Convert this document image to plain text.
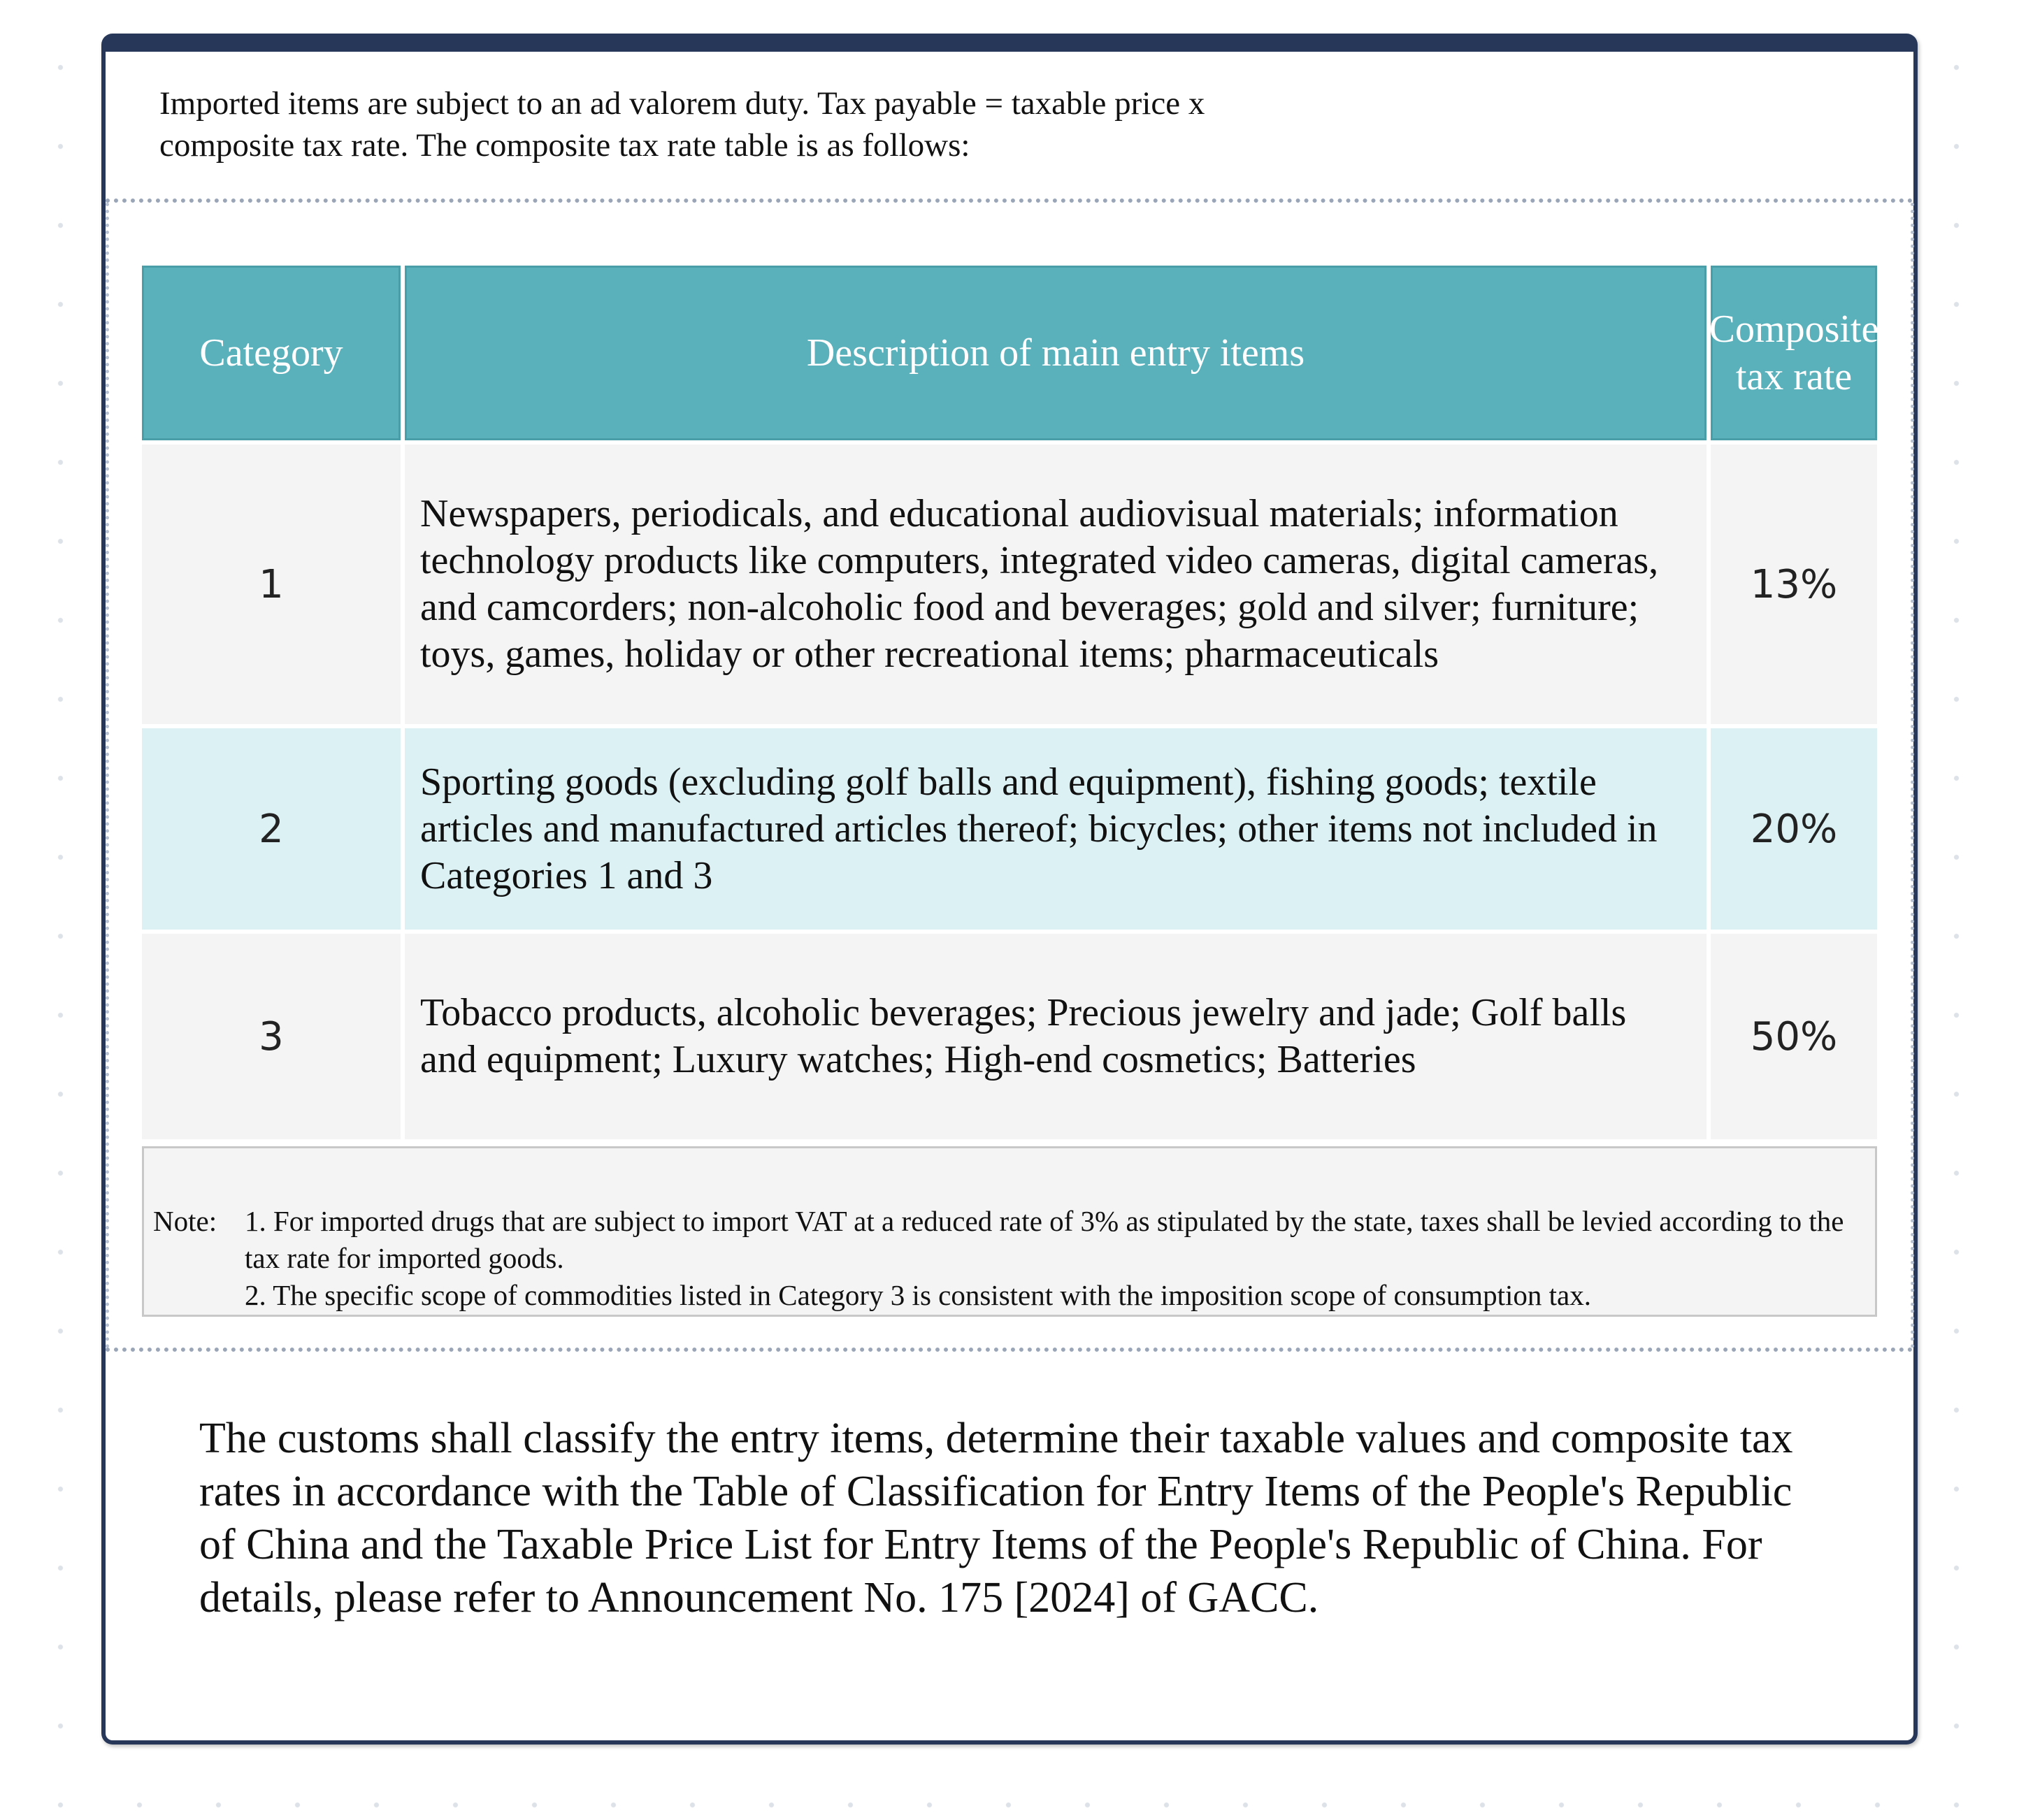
Imported items are subject to an ad valorem duty. Tax payable = taxable price x composite tax rate. The composite tax rate table is as follows:
Category	Description of main entry items
Composite tax rate
1
Newspapers, periodicals, and educational audiovisual materials; information technology products like computers, integrated video cameras, digital cameras, and camcorders; non-alcoholic food and beverages; gold and silver; furniture; toys, games, holiday or other recreational items; pharmaceuticals
13%
2
Sporting goods (excluding golf balls and equipment), fishing goods; textile articles and manufactured articles thereof; bicycles; other items not included in Categories 1 and 3
20%
3
Tobacco products, alcoholic beverages; Precious jewelry and jade; Golf balls and equipment; Luxury watches; High-end cosmetics; Batteries
50%
Note: 1. For imported drugs that are subject to import VAT at a reduced rate of 3% as stipulated by the state, taxes shall be levied according to the tax rate for imported goods.
2. The specific scope of commodities listed in Category 3 is consistent with the imposition scope of consumption tax.
The customs shall classify the entry items, determine their taxable values and composite tax rates in accordance with the Table of Classification for Entry Items of the People's Republic of China and the Taxable Price List for Entry Items of the People's Republic of China. For details, please refer to Announcement No. 175 [2024] of GACC.
